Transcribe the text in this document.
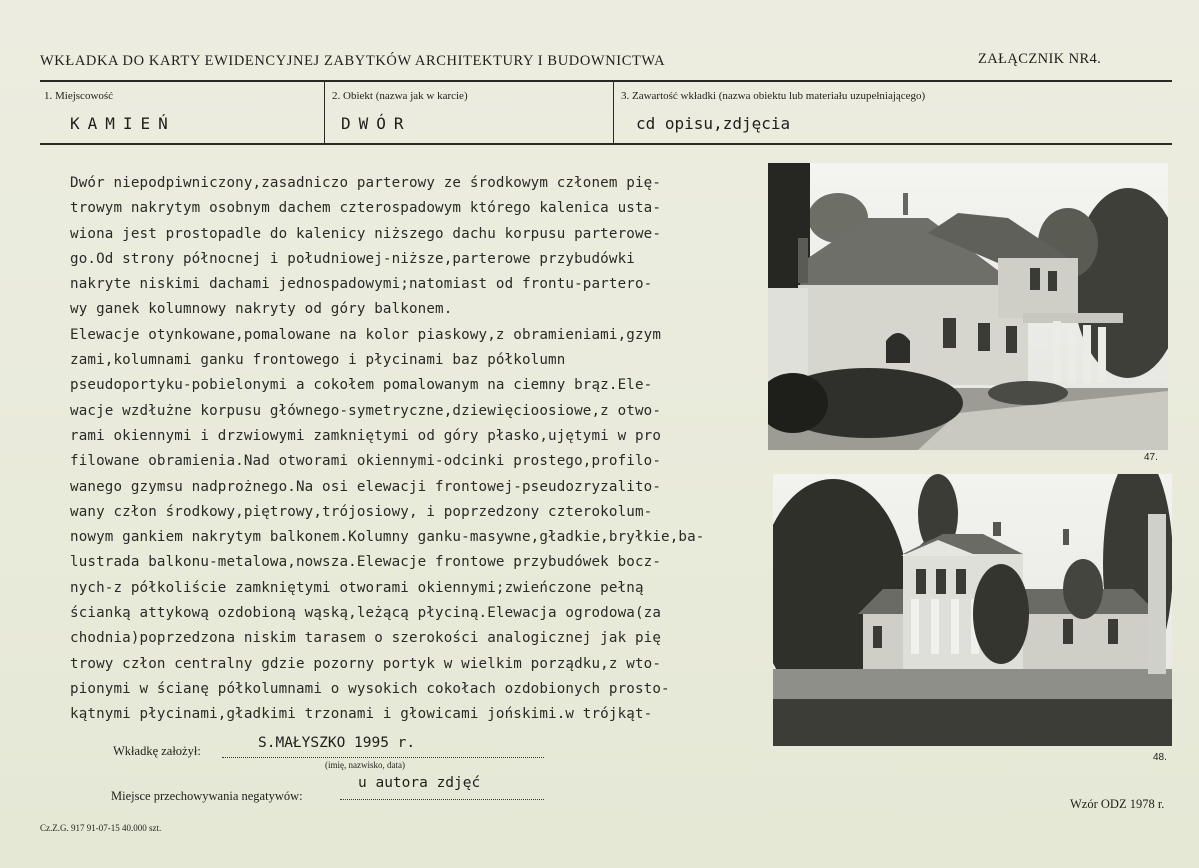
WKŁADKA DO KARTY EWIDENCYJNEJ ZABYTKÓW ARCHITEKTURY I BUDOWNICTWA	ZAŁĄCZNIK NR4.
1. Miejscowość
KAMIEŃ
2. Obiekt (nazwa jak w karcie)
DWÓR
3. Zawartość wkładki (nazwa obiektu lub materiału uzupełniającego)
cd opisu,zdjęcia
Dwór niepodpiwniczony,zasadniczo parterowy ze środkowym członem pię-
trowym nakrytym osobnym dachem czterospadowym którego kalenica usta-
wiona jest prostopadle do kalenicy niższego dachu korpusu parterowe-
go.Od strony północnej i południowej-niższe,parterowe przybudówki
nakryte niskimi dachami jednospadowymi;natomiast od frontu-partero-
wy ganek kolumnowy nakryty od góry balkonem.
Elewacje otynkowane,pomalowane na kolor piaskowy,z obramieniami,gzym
zami,kolumnami ganku frontowego i płycinami baz półkolumn
pseudoportyku-pobielonymi a cokołem pomalowanym na ciemny brąz.Ele-
wacje wzdłużne korpusu głównego-symetryczne,dziewięcioosiowe,z otwo-
rami okiennymi i drzwiowymi zamkniętymi od góry płasko,ujętymi w pro
filowane obramienia.Nad otworami okiennymi-odcinki prostego,profilo-
wanego gzymsu nadprożnego.Na osi elewacji frontowej-pseudozryzalito-
wany człon środkowy,piętrowy,trójosiowy, i poprzedzony czterokolum-
nowym gankiem nakrytym balkonem.Kolumny ganku-masywne,gładkie,bryłkie,ba-
lustrada balkonu-metalowa,nowsza.Elewacje frontowe przybudówek bocz-
nych-z półkoliście zamkniętymi otworami okiennymi;zwieńczone pełną
ścianką attykową ozdobioną wąską,leżącą płyciną.Elewacja ogrodowa(za
chodnia)poprzedzona niskim tarasem o szerokości analogicznej jak pię
trowy człon centralny gdzie pozorny portyk w wielkim porządku,z wto-
pionymi w ścianę półkolumnami o wysokich cokołach ozdobionych prosto-
kątnymi płycinami,gładkimi trzonami i głowicami jońskimi.w trójkąt-
47.
48.
Wkładkę założył:	S.MAŁYSZKO 1995 r.
(imię, nazwisko, data)
u autora zdjęć
Miejsce przechowywania negatywów:
Wzór ODZ 1978 r.
Cz.Z.G. 917 91-07-15 40.000 szt.
